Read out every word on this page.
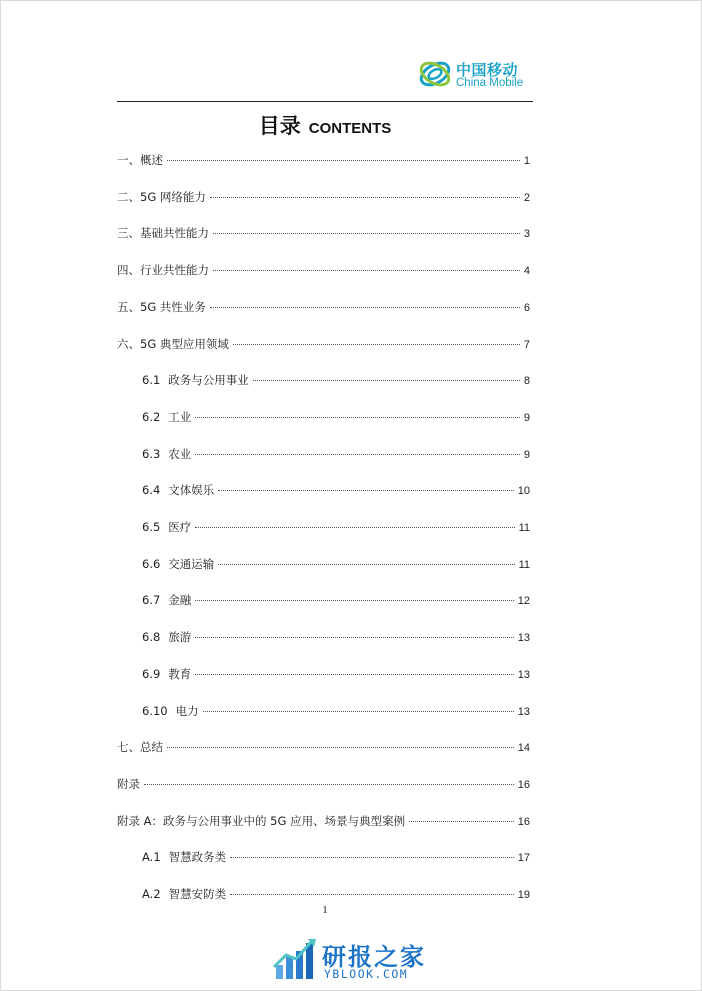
中国移动
China Mobile
目录 CONTENTS
一、 概述	1
二、 5G 网络能力	2
三、 基础共性能力	3
四、 行业共性能力	4
五、 5G 共性业务	6
六、 5G 典型应用领域	7
6.1 政务与公用事业	8
6.2 工业	9
6.3 农业	9
6.4 文体娱乐	10
6.5 医疗	11
6.6 交通运输	11
6.7 金融	12
6.8 旅游	13
6.9 教育	13
6.10 电力	13
七、 总结	14
附录	16
附录 A： 政务与公用事业中的 5G 应用、场景与典型案例	16
A.1 智慧政务类	17
A.2 智慧安防类	19
1
研报之家
YBLOOK.COM
